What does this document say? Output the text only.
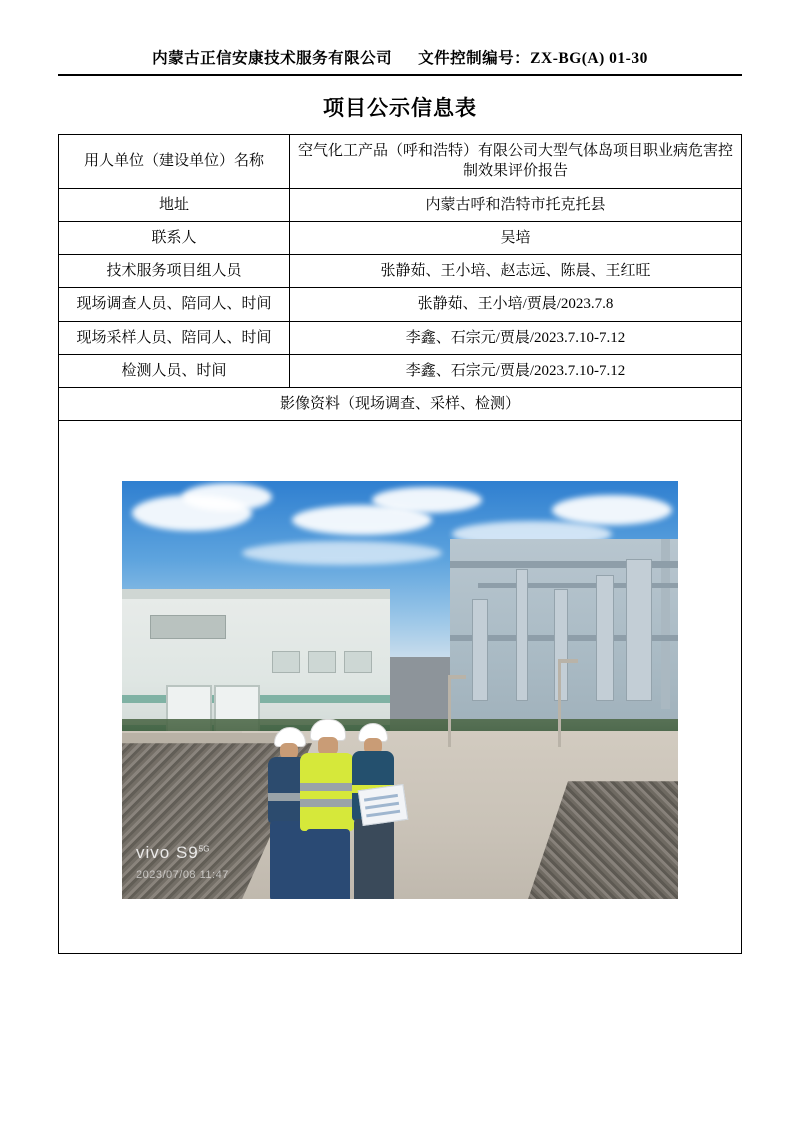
内蒙古正信安康技术服务有限公司 文件控制编号：ZX-BG(A) 01-30
项目公示信息表
用人单位（建设单位）名称	空气化工产品（呼和浩特）有限公司大型气体岛项目职业病危害控制效果评价报告
地址	内蒙古呼和浩特市托克托县
联系人	吴培
技术服务项目组人员	张静茹、王小培、赵志远、陈晨、王红旺
现场调查人员、陪同人、时间	张静茹、王小培/贾晨/2023.7.8
现场采样人员、陪同人、时间	李鑫、石宗元/贾晨/2023.7.10-7.12
检测人员、时间	李鑫、石宗元/贾晨/2023.7.10-7.12
影像资料（现场调查、采样、检测）	

vivo $S9^{5G}$
2023/07/08 11:47	
